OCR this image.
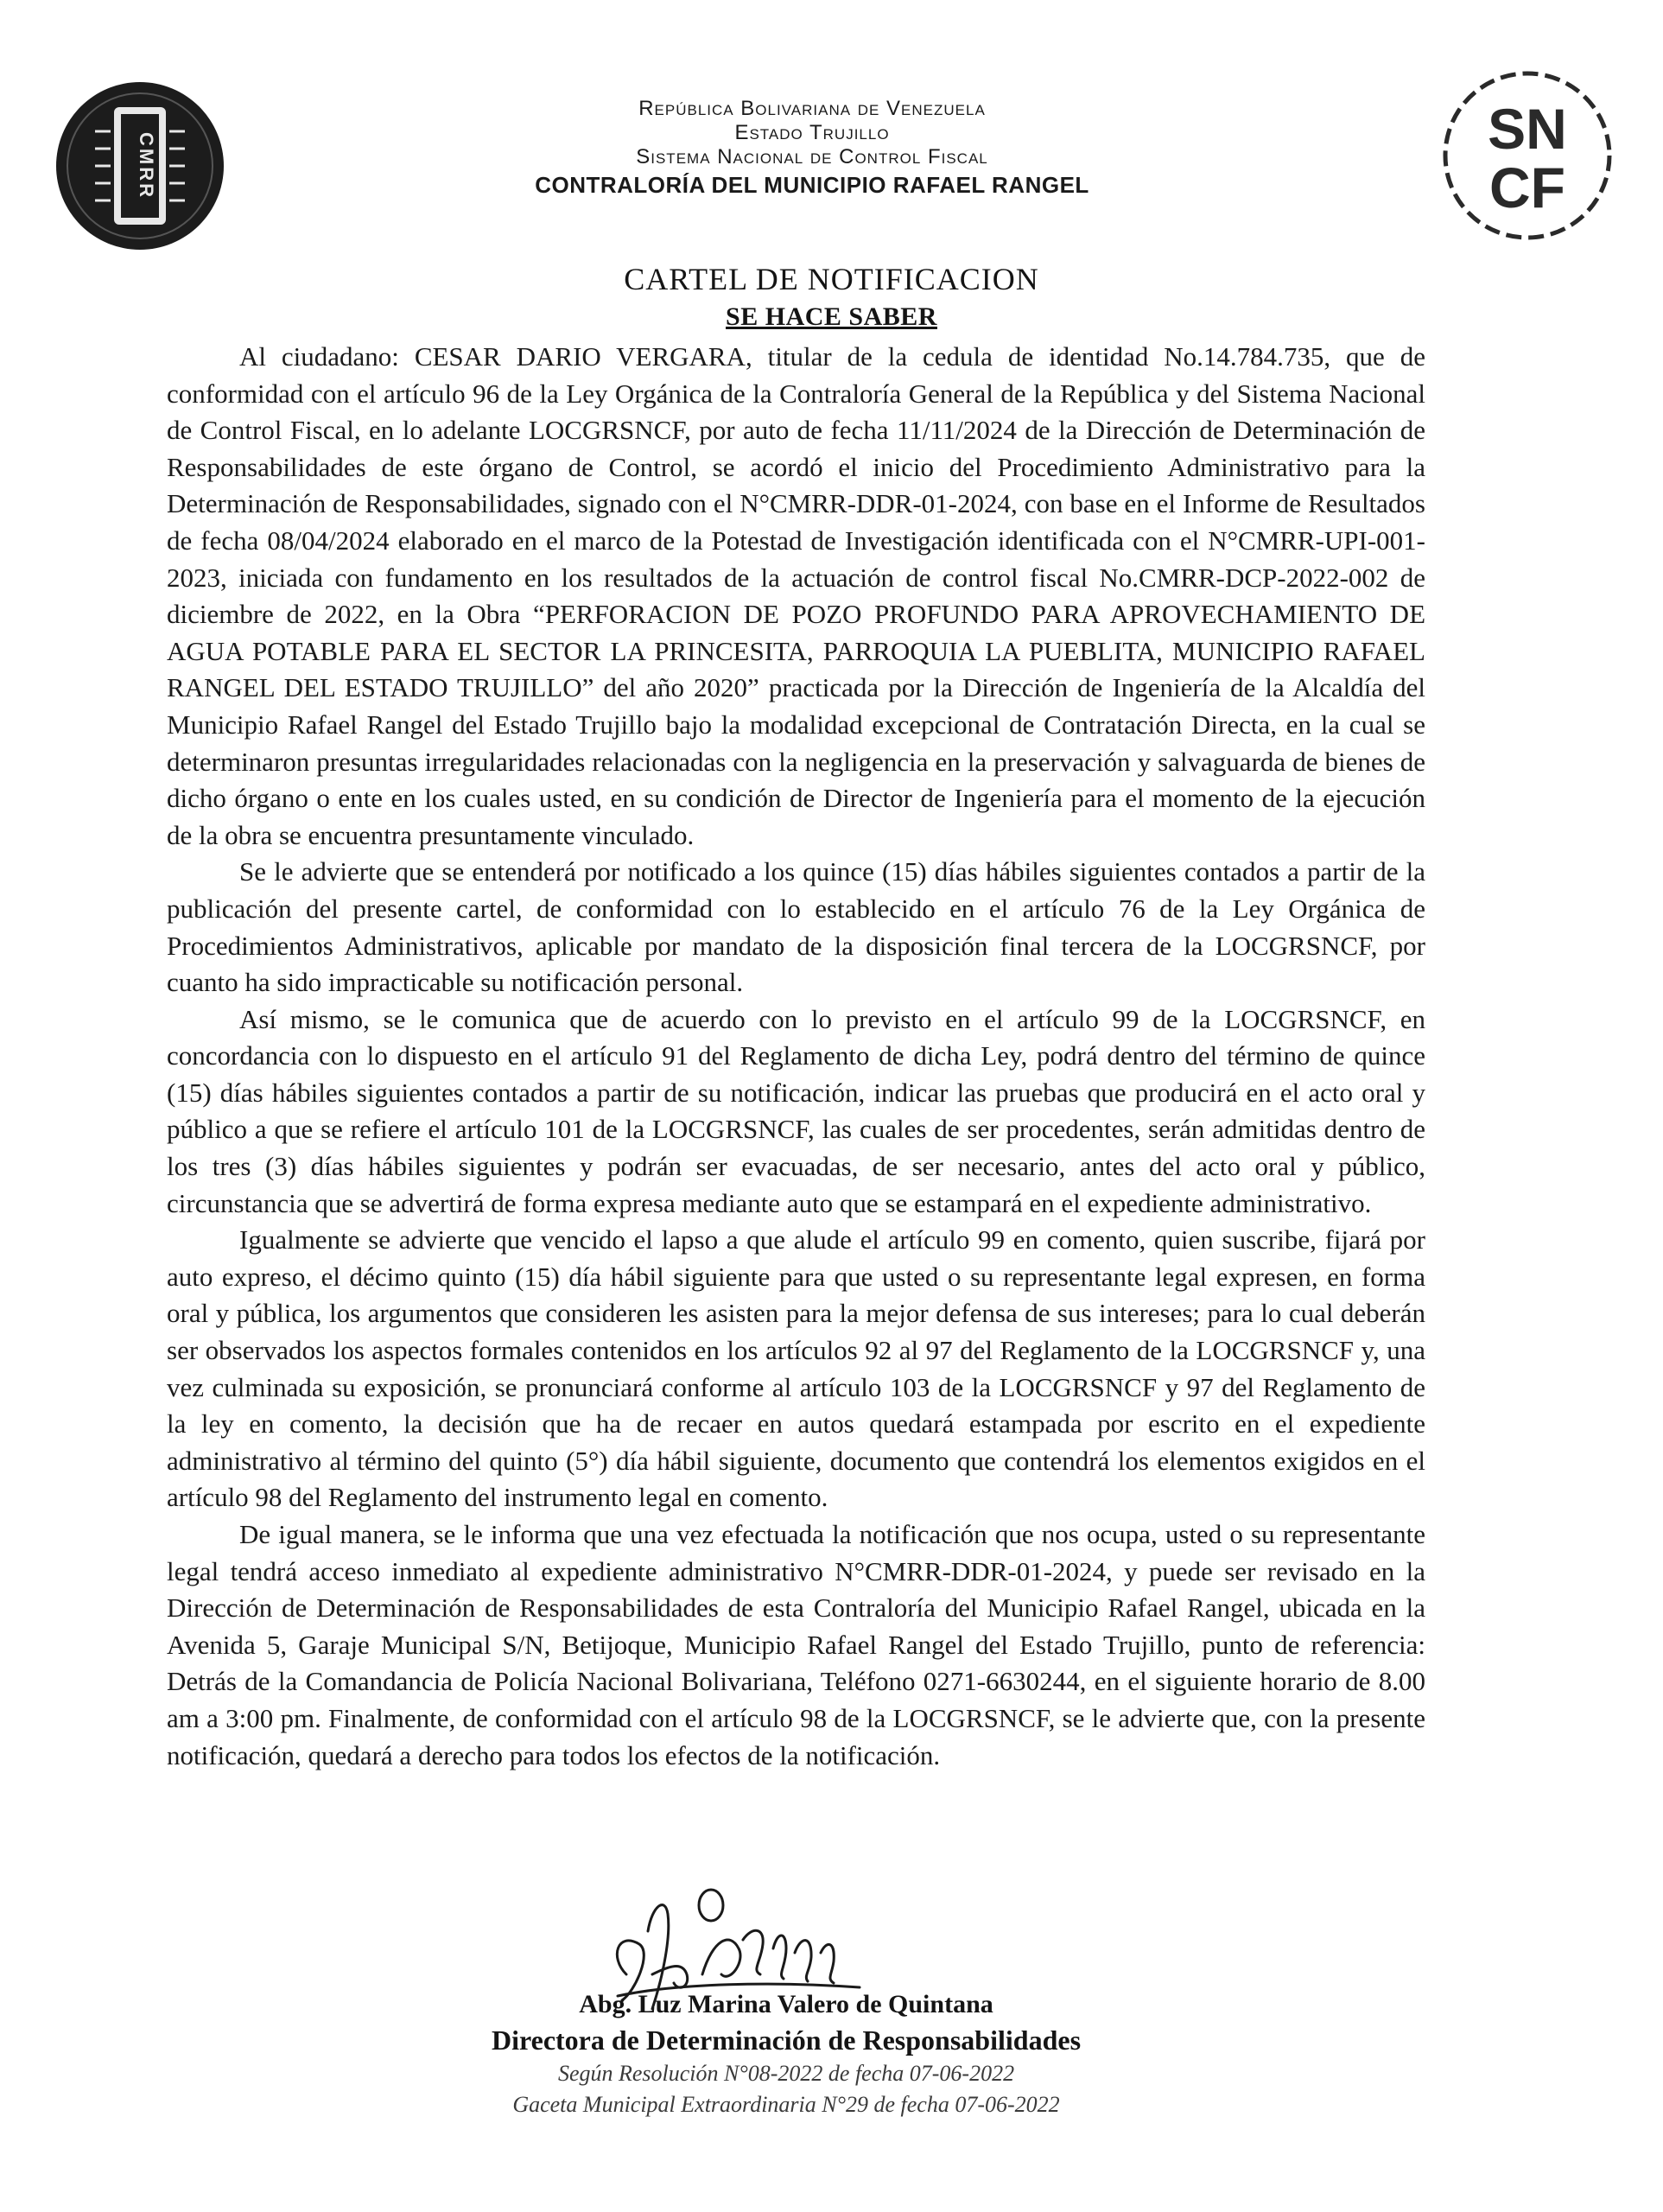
CMRR
SN
CF
República Bolivariana de Venezuela
Estado Trujillo
Sistema Nacional de Control Fiscal
CONTRALORÍA DEL MUNICIPIO RAFAEL RANGEL
CARTEL DE NOTIFICACION
SE HACE SABER

Al ciudadano: CESAR DARIO VERGARA, titular de la cedula de identidad No.14.784.735, que de conformidad con el artículo 96 de la Ley Orgánica de la Contraloría General de la República y del Sistema Nacional de Control Fiscal, en lo adelante LOCGRSNCF, por auto de fecha 11/11/2024 de la Dirección de Determinación de Responsabilidades de este órgano de Control, se acordó el inicio del Procedimiento Administrativo para la Determinación de Responsabilidades, signado con el N°CMRR-DDR-01-2024, con base en el Informe de Resultados de fecha 08/04/2024 elaborado en el marco de la Potestad de Investigación identificada con el N°CMRR-UPI-001-2023, iniciada con fundamento en los resultados de la actuación de control fiscal No.CMRR-DCP-2022-002 de diciembre de 2022, en la Obra “PERFORACION DE POZO PROFUNDO PARA APROVECHAMIENTO DE AGUA POTABLE PARA EL SECTOR LA PRINCESITA, PARROQUIA LA PUEBLITA, MUNICIPIO RAFAEL RANGEL DEL ESTADO TRUJILLO” del año 2020” practicada por la Dirección de Ingeniería de la Alcaldía del Municipio Rafael Rangel del Estado Trujillo bajo la modalidad excepcional de Contratación Directa, en la cual se determinaron presuntas irregularidades relacionadas con la negligencia en la preservación y salvaguarda de bienes de dicho órgano o ente en los cuales usted, en su condición de Director de Ingeniería para el momento de la ejecución de la obra se encuentra presuntamente vinculado.

Se le advierte que se entenderá por notificado a los quince (15) días hábiles siguientes contados a partir de la publicación del presente cartel, de conformidad con lo establecido en el artículo 76 de la Ley Orgánica de Procedimientos Administrativos, aplicable por mandato de la disposición final tercera de la LOCGRSNCF, por cuanto ha sido impracticable su notificación personal.

Así mismo, se le comunica que de acuerdo con lo previsto en el artículo 99 de la LOCGRSNCF, en concordancia con lo dispuesto en el artículo 91 del Reglamento de dicha Ley, podrá dentro del término de quince (15) días hábiles siguientes contados a partir de su notificación, indicar las pruebas que producirá en el acto oral y público a que se refiere el artículo 101 de la LOCGRSNCF, las cuales de ser procedentes, serán admitidas dentro de los tres (3) días hábiles siguientes y podrán ser evacuadas, de ser necesario, antes del acto oral y público, circunstancia que se advertirá de forma expresa mediante auto que se estampará en el expediente administrativo.

Igualmente se advierte que vencido el lapso a que alude el artículo 99 en comento, quien suscribe, fijará por auto expreso, el décimo quinto (15) día hábil siguiente para que usted o su representante legal expresen, en forma oral y pública, los argumentos que consideren les asisten para la mejor defensa de sus intereses; para lo cual deberán ser observados los aspectos formales contenidos en los artículos 92 al 97 del Reglamento de la LOCGRSNCF y, una vez culminada su exposición, se pronunciará conforme al artículo 103 de la LOCGRSNCF y 97 del Reglamento de la ley en comento, la decisión que ha de recaer en autos quedará estampada por escrito en el expediente administrativo al término del quinto (5°) día hábil siguiente, documento que contendrá los elementos exigidos en el artículo 98 del Reglamento del instrumento legal en comento.

De igual manera, se le informa que una vez efectuada la notificación que nos ocupa, usted o su representante legal tendrá acceso inmediato al expediente administrativo N°CMRR-DDR-01-2024, y puede ser revisado en la Dirección de Determinación de Responsabilidades de esta Contraloría del Municipio Rafael Rangel, ubicada en la Avenida 5, Garaje Municipal S/N, Betijoque, Municipio Rafael Rangel del Estado Trujillo, punto de referencia: Detrás de la Comandancia de Policía Nacional Bolivariana, Teléfono 0271-6630244, en el siguiente horario de 8.00 am a 3:00 pm. Finalmente, de conformidad con el artículo 98 de la LOCGRSNCF, se le advierte que, con la presente notificación, quedará a derecho para todos los efectos de la notificación.

Abg. Luz Marina Valero de Quintana
Directora de Determinación de Responsabilidades
Según Resolución N°08-2022 de fecha 07-06-2022
Gaceta Municipal Extraordinaria N°29 de fecha 07-06-2022
